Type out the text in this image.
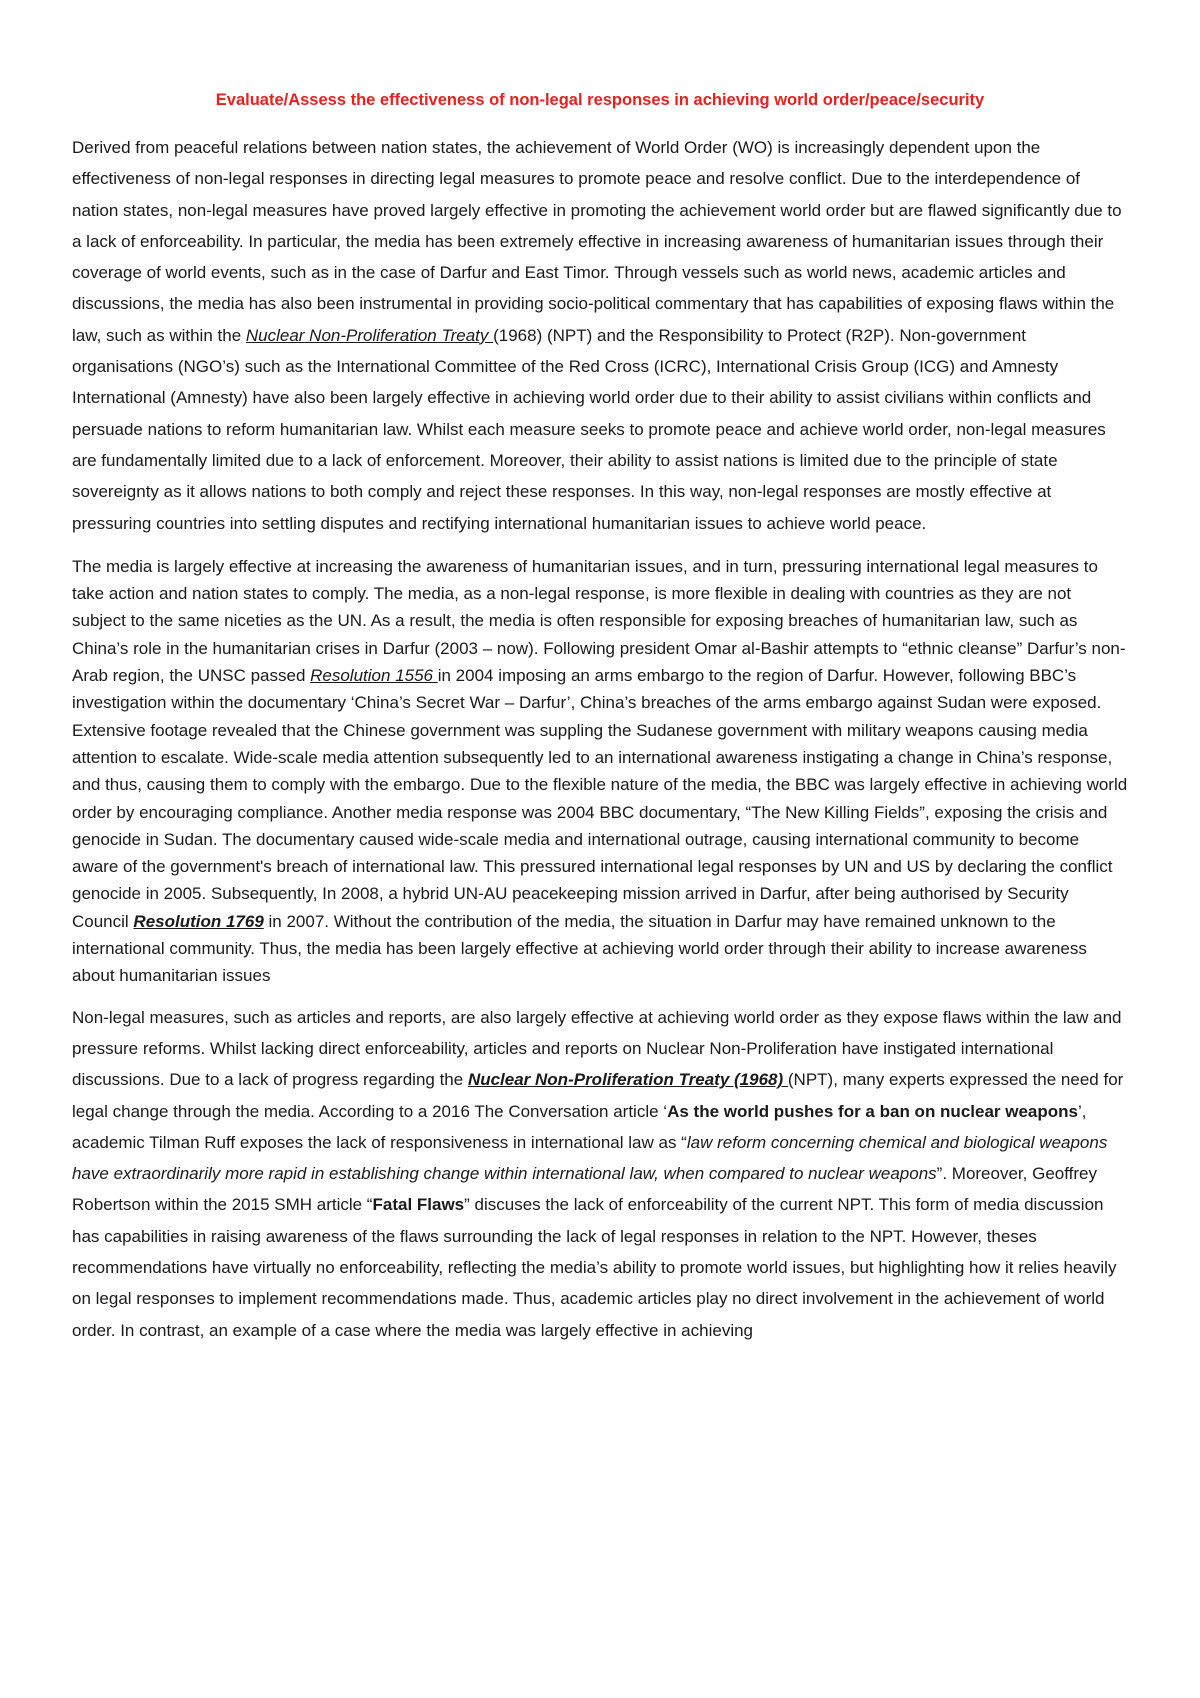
Evaluate/Assess the effectiveness of non-legal responses in achieving world order/peace/security

Derived from peaceful relations between nation states, the achievement of World Order (WO) is increasingly dependent upon the effectiveness of non-legal responses in directing legal measures to promote peace and resolve conflict. Due to the interdependence of nation states, non-legal measures have proved largely effective in promoting the achievement world order but are flawed significantly due to a lack of enforceability. In particular, the media has been extremely effective in increasing awareness of humanitarian issues through their coverage of world events, such as in the case of Darfur and East Timor. Through vessels such as world news, academic articles and discussions, the media has also been instrumental in providing socio-political commentary that has capabilities of exposing flaws within the law, such as within the Nuclear Non-Proliferation Treaty (1968) (NPT) and the Responsibility to Protect (R2P). Non-government organisations (NGO’s) such as the International Committee of the Red Cross (ICRC), International Crisis Group (ICG) and Amnesty International (Amnesty) have also been largely effective in achieving world order due to their ability to assist civilians within conflicts and persuade nations to reform humanitarian law. Whilst each measure seeks to promote peace and achieve world order, non-legal measures are fundamentally limited due to a lack of enforcement. Moreover, their ability to assist nations is limited due to the principle of state sovereignty as it allows nations to both comply and reject these responses. In this way, non-legal responses are mostly effective at pressuring countries into settling disputes and rectifying international humanitarian issues to achieve world peace.

The media is largely effective at increasing the awareness of humanitarian issues, and in turn, pressuring international legal measures to take action and nation states to comply. The media, as a non-legal response, is more flexible in dealing with countries as they are not subject to the same niceties as the UN. As a result, the media is often responsible for exposing breaches of humanitarian law, such as China’s role in the humanitarian crises in Darfur (2003 – now). Following president Omar al-Bashir attempts to “ethnic cleanse” Darfur’s non-Arab region, the UNSC passed Resolution 1556 in 2004 imposing an arms embargo to the region of Darfur. However, following BBC’s investigation within the documentary ‘China’s Secret War – Darfur’, China’s breaches of the arms embargo against Sudan were exposed. Extensive footage revealed that the Chinese government was suppling the Sudanese government with military weapons causing media attention to escalate. Wide-scale media attention subsequently led to an international awareness instigating a change in China’s response, and thus, causing them to comply with the embargo. Due to the flexible nature of the media, the BBC was largely effective in achieving world order by encouraging compliance. Another media response was 2004 BBC documentary, “The New Killing Fields”, exposing the crisis and genocide in Sudan. The documentary caused wide-scale media and international outrage, causing international community to become aware of the government's breach of international law. This pressured international legal responses by UN and US by declaring the conflict genocide in 2005. Subsequently, In 2008, a hybrid UN-AU peacekeeping mission arrived in Darfur, after being authorised by Security Council Resolution 1769 in 2007. Without the contribution of the media, the situation in Darfur may have remained unknown to the international community. Thus, the media has been largely effective at achieving world order through their ability to increase awareness about humanitarian issues

Non-legal measures, such as articles and reports, are also largely effective at achieving world order as they expose flaws within the law and pressure reforms. Whilst lacking direct enforceability, articles and reports on Nuclear Non-Proliferation have instigated international discussions. Due to a lack of progress regarding the Nuclear Non-Proliferation Treaty (1968) (NPT), many experts expressed the need for legal change through the media. According to a 2016 The Conversation article ‘As the world pushes for a ban on nuclear weapons’, academic Tilman Ruff exposes the lack of responsiveness in international law as “law reform concerning chemical and biological weapons have extraordinarily more rapid in establishing change within international law, when compared to nuclear weapons”. Moreover, Geoffrey Robertson within the 2015 SMH article “Fatal Flaws” discuses the lack of enforceability of the current NPT. This form of media discussion has capabilities in raising awareness of the flaws surrounding the lack of legal responses in relation to the NPT. However, theses recommendations have virtually no enforceability, reflecting the media’s ability to promote world issues, but highlighting how it relies heavily on legal responses to implement recommendations made. Thus, academic articles play no direct involvement in the achievement of world order. In contrast, an example of a case where the media was largely effective in achieving
